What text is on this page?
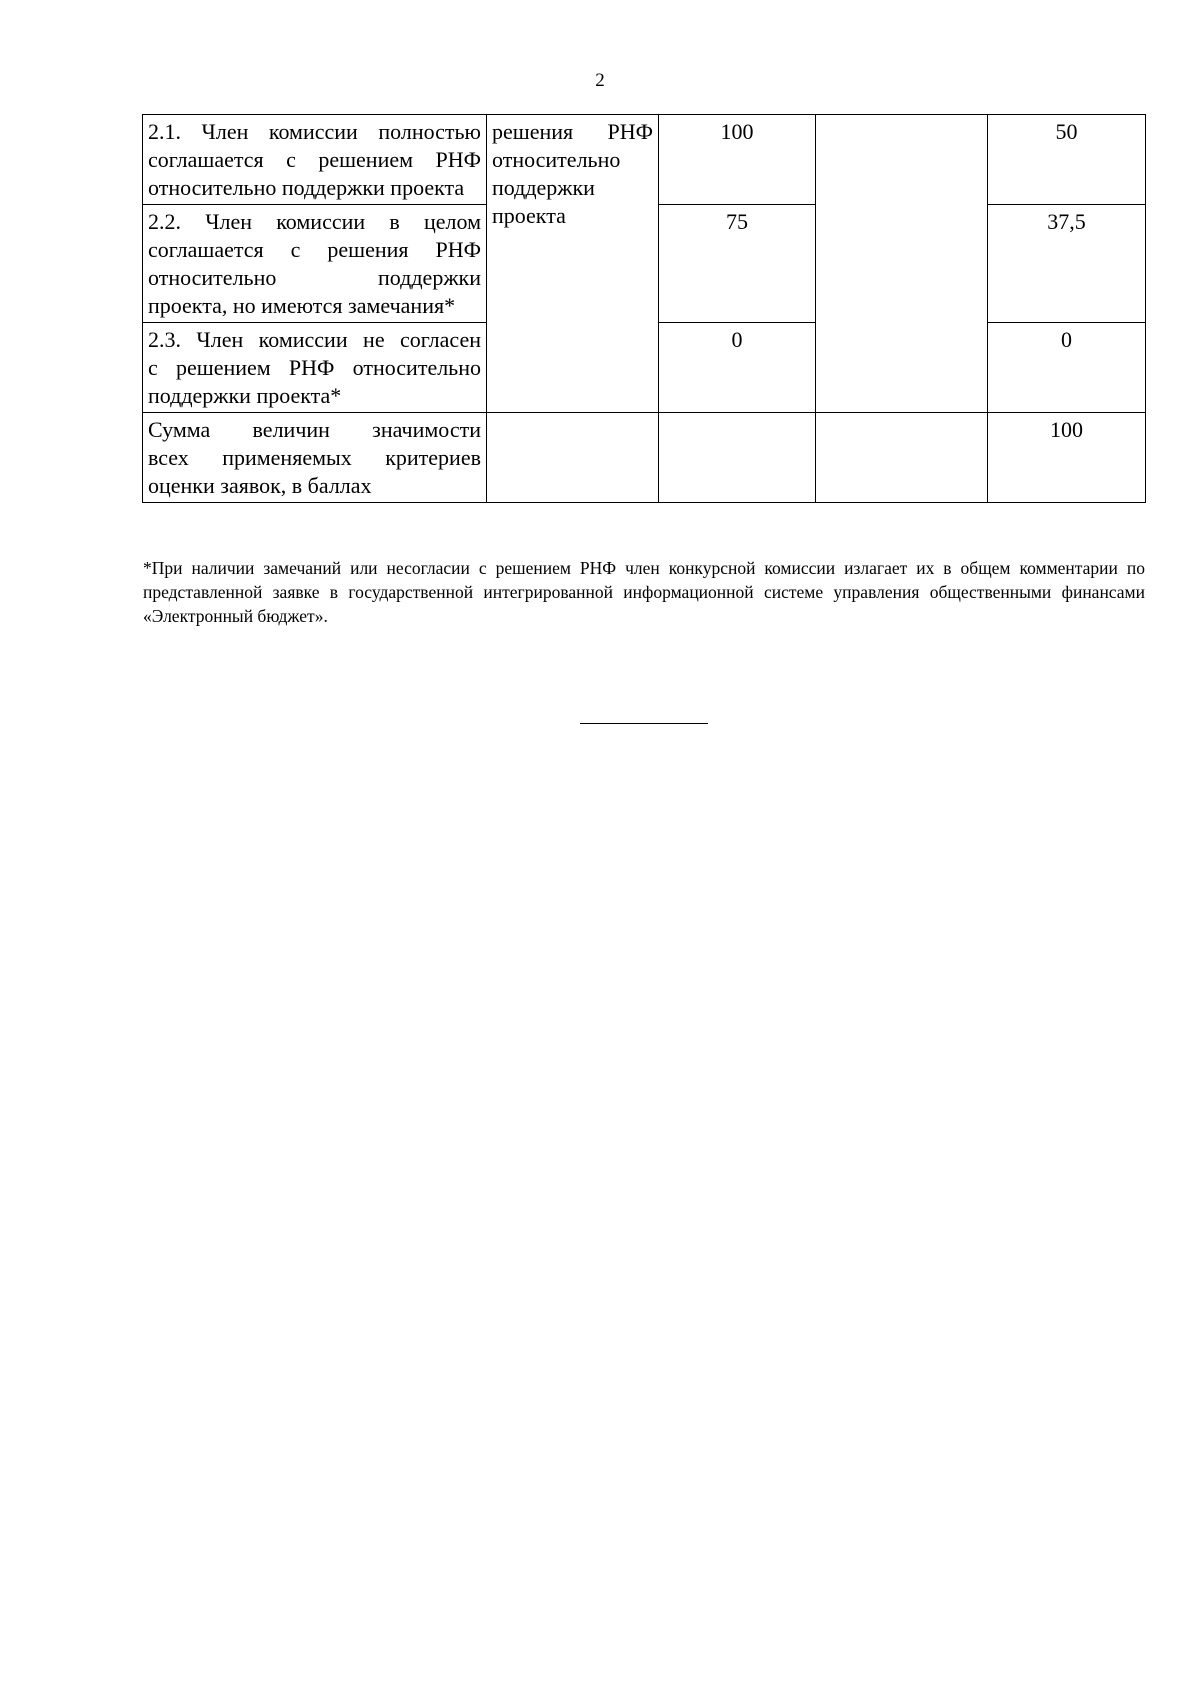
2
2.1. Член комиссии полностью
соглашается с решением РНФ
относительно поддержки проекта	решения РНФ
относительно
поддержки
проекта	100		50

2.2. Член комиссии в целом
соглашается с решения РНФ
относительно поддержки
проекта, но имеются замечания*		75		37,5

2.3. Член комиссии не согласен
с решением РНФ относительно
поддержки проекта*		0		0

Сумма величин значимости
всех применяемых критериев
оценки заявок, в баллах				100

*При наличии замечаний или несогласии с решением РНФ член конкурсной комиссии излагает их в общем комментарии по представленной заявке в государственной интегрированной информационной системе управления общественными финансами «Электронный бюджет».
